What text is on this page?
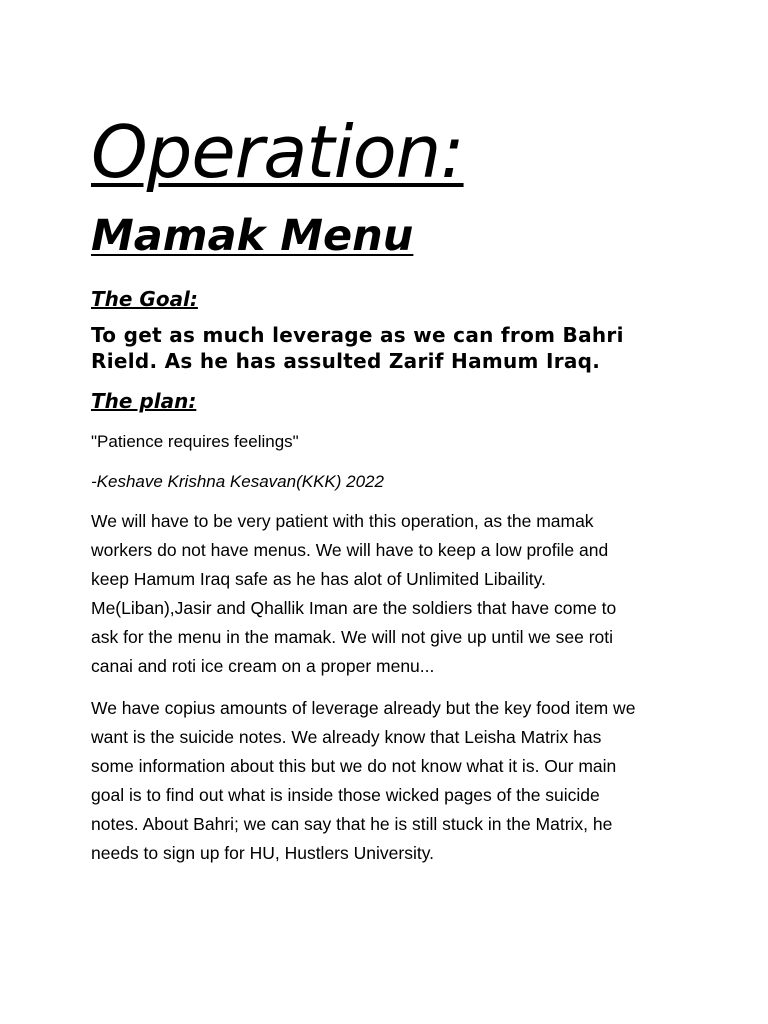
Operation:
Mamak Menu
The Goal:
To get as much leverage as we can from Bahri
Rield. As he has assulted Zarif Hamum Iraq.
The plan:

"Patience requires feelings"

-Keshave Krishna Kesavan(KKK) 2022

We will have to be very patient with this operation, as the mamak
workers do not have menus. We will have to keep a low profile and
keep Hamum Iraq safe as he has alot of Unlimited Libaility.
Me(Liban),Jasir and Qhallik Iman are the soldiers that have come to
ask for the menu in the mamak. We will not give up until we see roti
canai and roti ice cream on a proper menu...

We have copius amounts of leverage already but the key food item we
want is the suicide notes. We already know that Leisha Matrix has
some information about this but we do not know what it is. Our main
goal is to find out what is inside those wicked pages of the suicide
notes. About Bahri; we can say that he is still stuck in the Matrix, he
needs to sign up for HU, Hustlers University.
